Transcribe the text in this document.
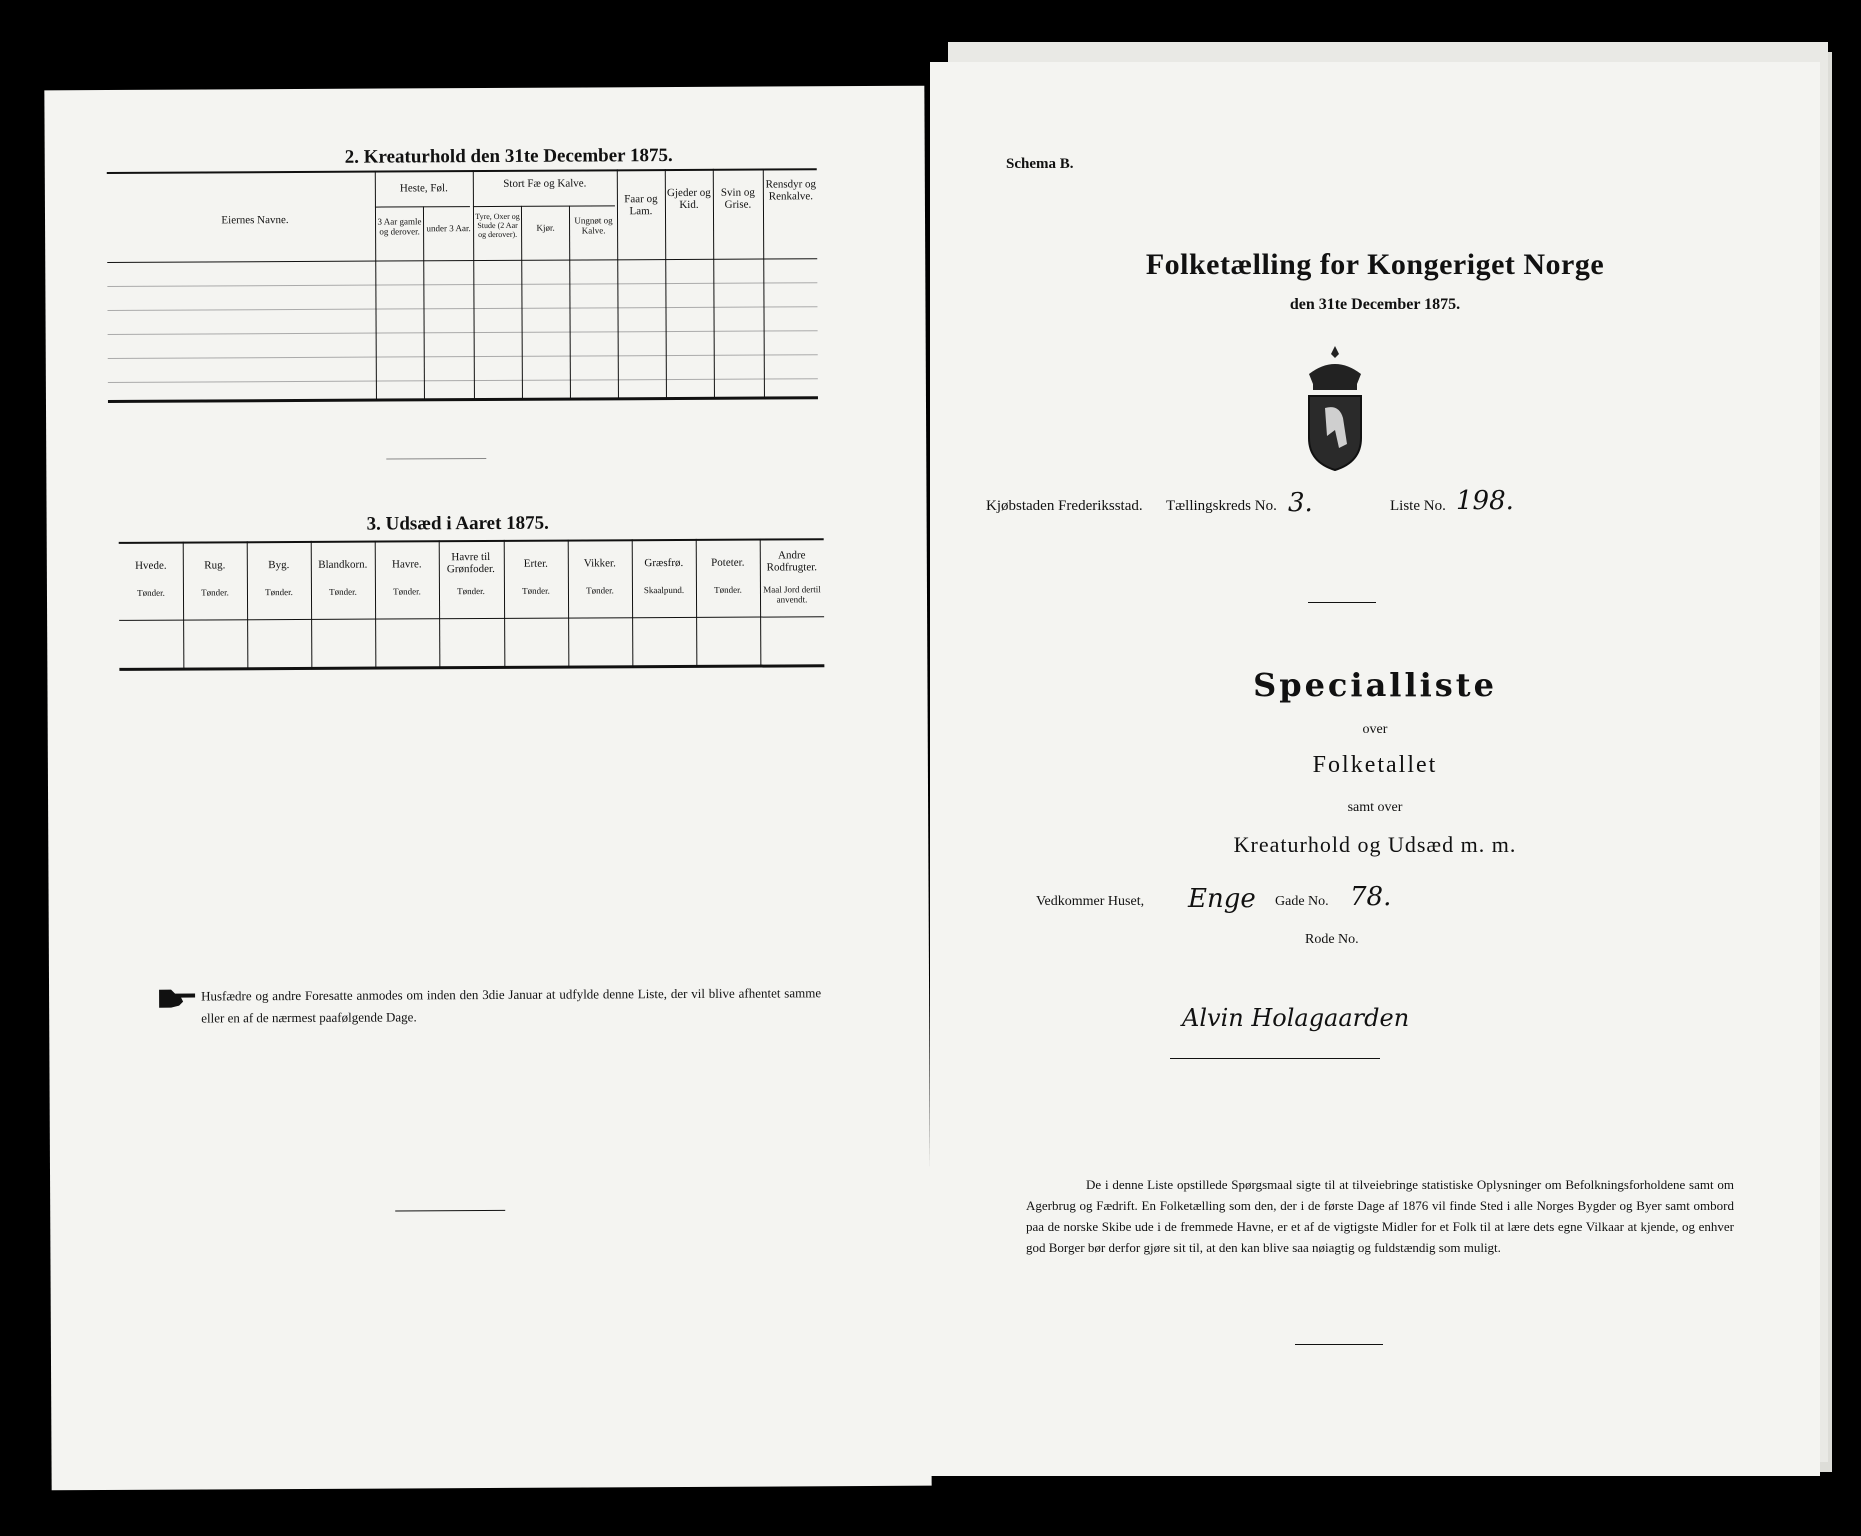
2. Kreaturhold den 31te December 1875.
Eiernes Navne.
Heste, Føl.
3 Aar gamle og derover. under 3 Aar.
Stort Fæ og Kalve.
Tyre, Oxer og Stude (2 Aar og derover).
Kjør.
Ungnøt og Kalve.
Faar og Lam.
Gjeder og Kid.
Svin og Grise.
Rensdyr og Renkalve.
3. Udsæd i Aaret 1875.
Hvede.
Tønder.
Rug.
Tønder.
Byg.
Tønder.
Blandkorn.
Tønder.
Havre.
Tønder.
Havre til Grønfoder.
Tønder.
Erter.
Tønder.
Vikker.
Tønder.
Græsfrø.
Skaalpund.
Poteter.
Tønder.
Andre Rodfrugter.
Maal Jord dertil anvendt.
Husfædre og andre Foresatte anmodes om inden den 3die Januar at udfylde denne Liste, der vil blive afhentet samme eller en af de nærmest paafølgende Dage.
Schema B.
Folketælling for Kongeriget Norge
den 31te December 1875.
Kjøbstaden Frederiksstad. Tællingskreds No. 3.	Liste No. 198.
Specialliste
over
Folketallet
samt over
Kreaturhold og Udsæd m. m.
Vedkommer Huset, Enge Gade No. 78.
Rode No.
Alvin Holagaarden
De i denne Liste opstillede Spørgsmaal sigte til at tilveiebringe statistiske Oplysninger om Befolkningsforholdene samt om Agerbrug og Fædrift. En Folketælling som den, der i de første Dage af 1876 vil finde Sted i alle Norges Bygder og Byer samt ombord paa de norske Skibe ude i de fremmede Havne, er et af de vigtigste Midler for et Folk til at lære dets egne Vilkaar at kjende, og enhver god Borger bør derfor gjøre sit til, at den kan blive saa nøiagtig og fuldstændig som muligt.
